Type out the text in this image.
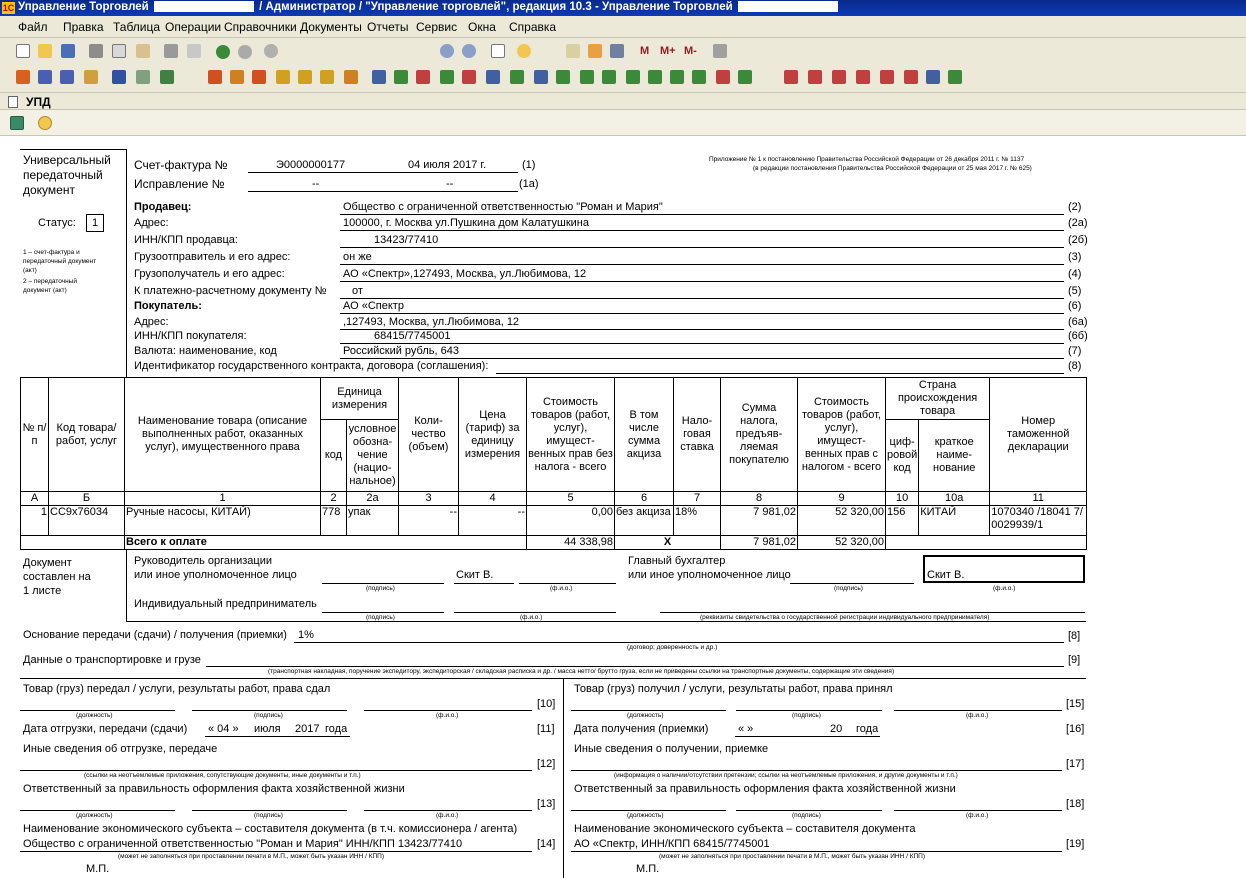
1С Управление Торговлей	/ Администратор / "Управление торговлей", редакция 10.3 - Управление Торговлей
Файл Правка Таблица Операции Справочники Документы Отчеты Сервис Окна Справка
M M+ M-
УПД
Универсальный
передаточный
документ
Статус:	1
1 – счет-фактура и
передаточный документ
(акт)
2 – передаточный
документ (акт)
Счет-фактура №	Э0000000177	04 июля 2017 г.	(1)
Исправление №	--	--	(1а)
Приложение № 1 к постановлению Правительства Российской Федерации от 26 декабря 2011 г. № 1137
(в редакции постановления Правительства Российской Федерации от 25 мая 2017 г. № 625)
№ п/п	Код товара/ работ, услуг	Наименование товара (описание выполненных работ, оказанных услуг), имущественного права	Единица измерения		Коли-чество (объем)	Цена (тариф) за единицу измерения	Стоимость товаров (работ, услуг), имущест-венных прав без налога - всего	В том числе сумма акциза	Нало-говая ставка	Сумма налога, предъяв-ляемая покупателю	Стоимость товаров (работ, услуг), имущест-венных прав с налогом - всего	Страна происхождения товара		Номер таможенной декларации
			код	условное обозна-чение (нацио-нальное)								циф-ровой код	краткое наиме-нование	
А	Б	1	2	2а	3	4	5	6	7	8	9	10	10а	11
1	СС9х76034	Ручные насосы, КИТАЙ)	778	упак	--	--	0,00	без акциза	18%	7 981,02	52 320,00	156	КИТАЙ	1070340 /18041 7/0029939/1
		Всего к оплате					44 338,98	X		7 981,02	52 320,00			
Документ
составлен на
1 листе
Руководитель организации
или иное уполномоченное лицо	Скит В.
(подпись)	(ф.и.о.)
Главный бухгалтер
или иное уполномоченное лицо	Скит В.
(подпись)	(ф.и.о.)
Индивидуальный предприниматель
(подпись)	(ф.и.о.)	(реквизиты свидетельства о государственной регистрации индивидуального предпринимателя)
Основание передачи (сдачи) / получения (приемки) 1%	[8]
(договор; доверенность и др.)
Данные о транспортировке и грузе	[9]
(транспортная накладная, поручение экспедитору, экспедиторская / складская расписка и др. / масса нетто/ брутто груза, если не приведены ссылки на транспортные документы, содержащие эти сведения)
Товар (груз) передал / услуги, результаты работ, права сдал
[10]
(должность)	(подпись)	(ф.и.о.)
Дата отгрузки, передачи (сдачи) « 04 » июля 2017 года	[11]
Иные сведения об отгрузке, передаче
[12]
(ссылки на неотъемлемые приложения, сопутствующие документы, иные документы и т.п.)
Ответственный за правильность оформления факта хозяйственной жизни
[13]
(должность)	(подпись)	(ф.и.о.)
Наименование экономического субъекта – составителя документа (в т.ч. комиссионера / агента)
Общество с ограниченной ответственностью "Роман и Мария" ИНН/КПП 13423/77410	[14]
(может не заполняться при проставлении печати в М.П., может быть указан ИНН / КПП)
М.П.
Товар (груз) получил / услуги, результаты работ, права принял
[15]
(должность)	(подпись)	(ф.и.о.)
Дата получения (приемки)	« »	20 года	[16]
Иные сведения о получении, приемке
[17]
(информация о наличии/отсутствии претензии; ссылки на неотъемлемые приложения, и другие документы и т.п.)
Ответственный за правильность оформления факта хозяйственной жизни
[18]
(должность)	(подпись)	(ф.и.о.)
Наименование экономического субъекта – составителя документа
АО «Спектр, ИНН/КПП 68415/7745001	[19]
(может не заполняться при проставлении печати в М.П., может быть указан ИНН / КПП)
М.П.
Продавец:	Общество с ограниченной ответственностью "Роман и Мария"	(2)
Адрес:	100000, г. Москва ул.Пушкина дом Калатушкина	(2а)
ИНН/КПП продавца:	13423/77410	(2б)
Грузоотправитель и его адрес:	он же	(3)
Грузополучатель и его адрес:	АО «Спектр»,127493, Москва, ул.Любимова, 12	(4)
К платежно-расчетному документу № от	(5)
Покупатель:	АО «Спектр	(6)
Адрес:	,127493, Москва, ул.Любимова, 12	(6а)
ИНН/КПП покупателя:	68415/7745001	(6б)
Валюта: наименование, код	Российский рубль, 643	(7)
Идентификатор государственного контракта, договора (соглашения):	(8)
